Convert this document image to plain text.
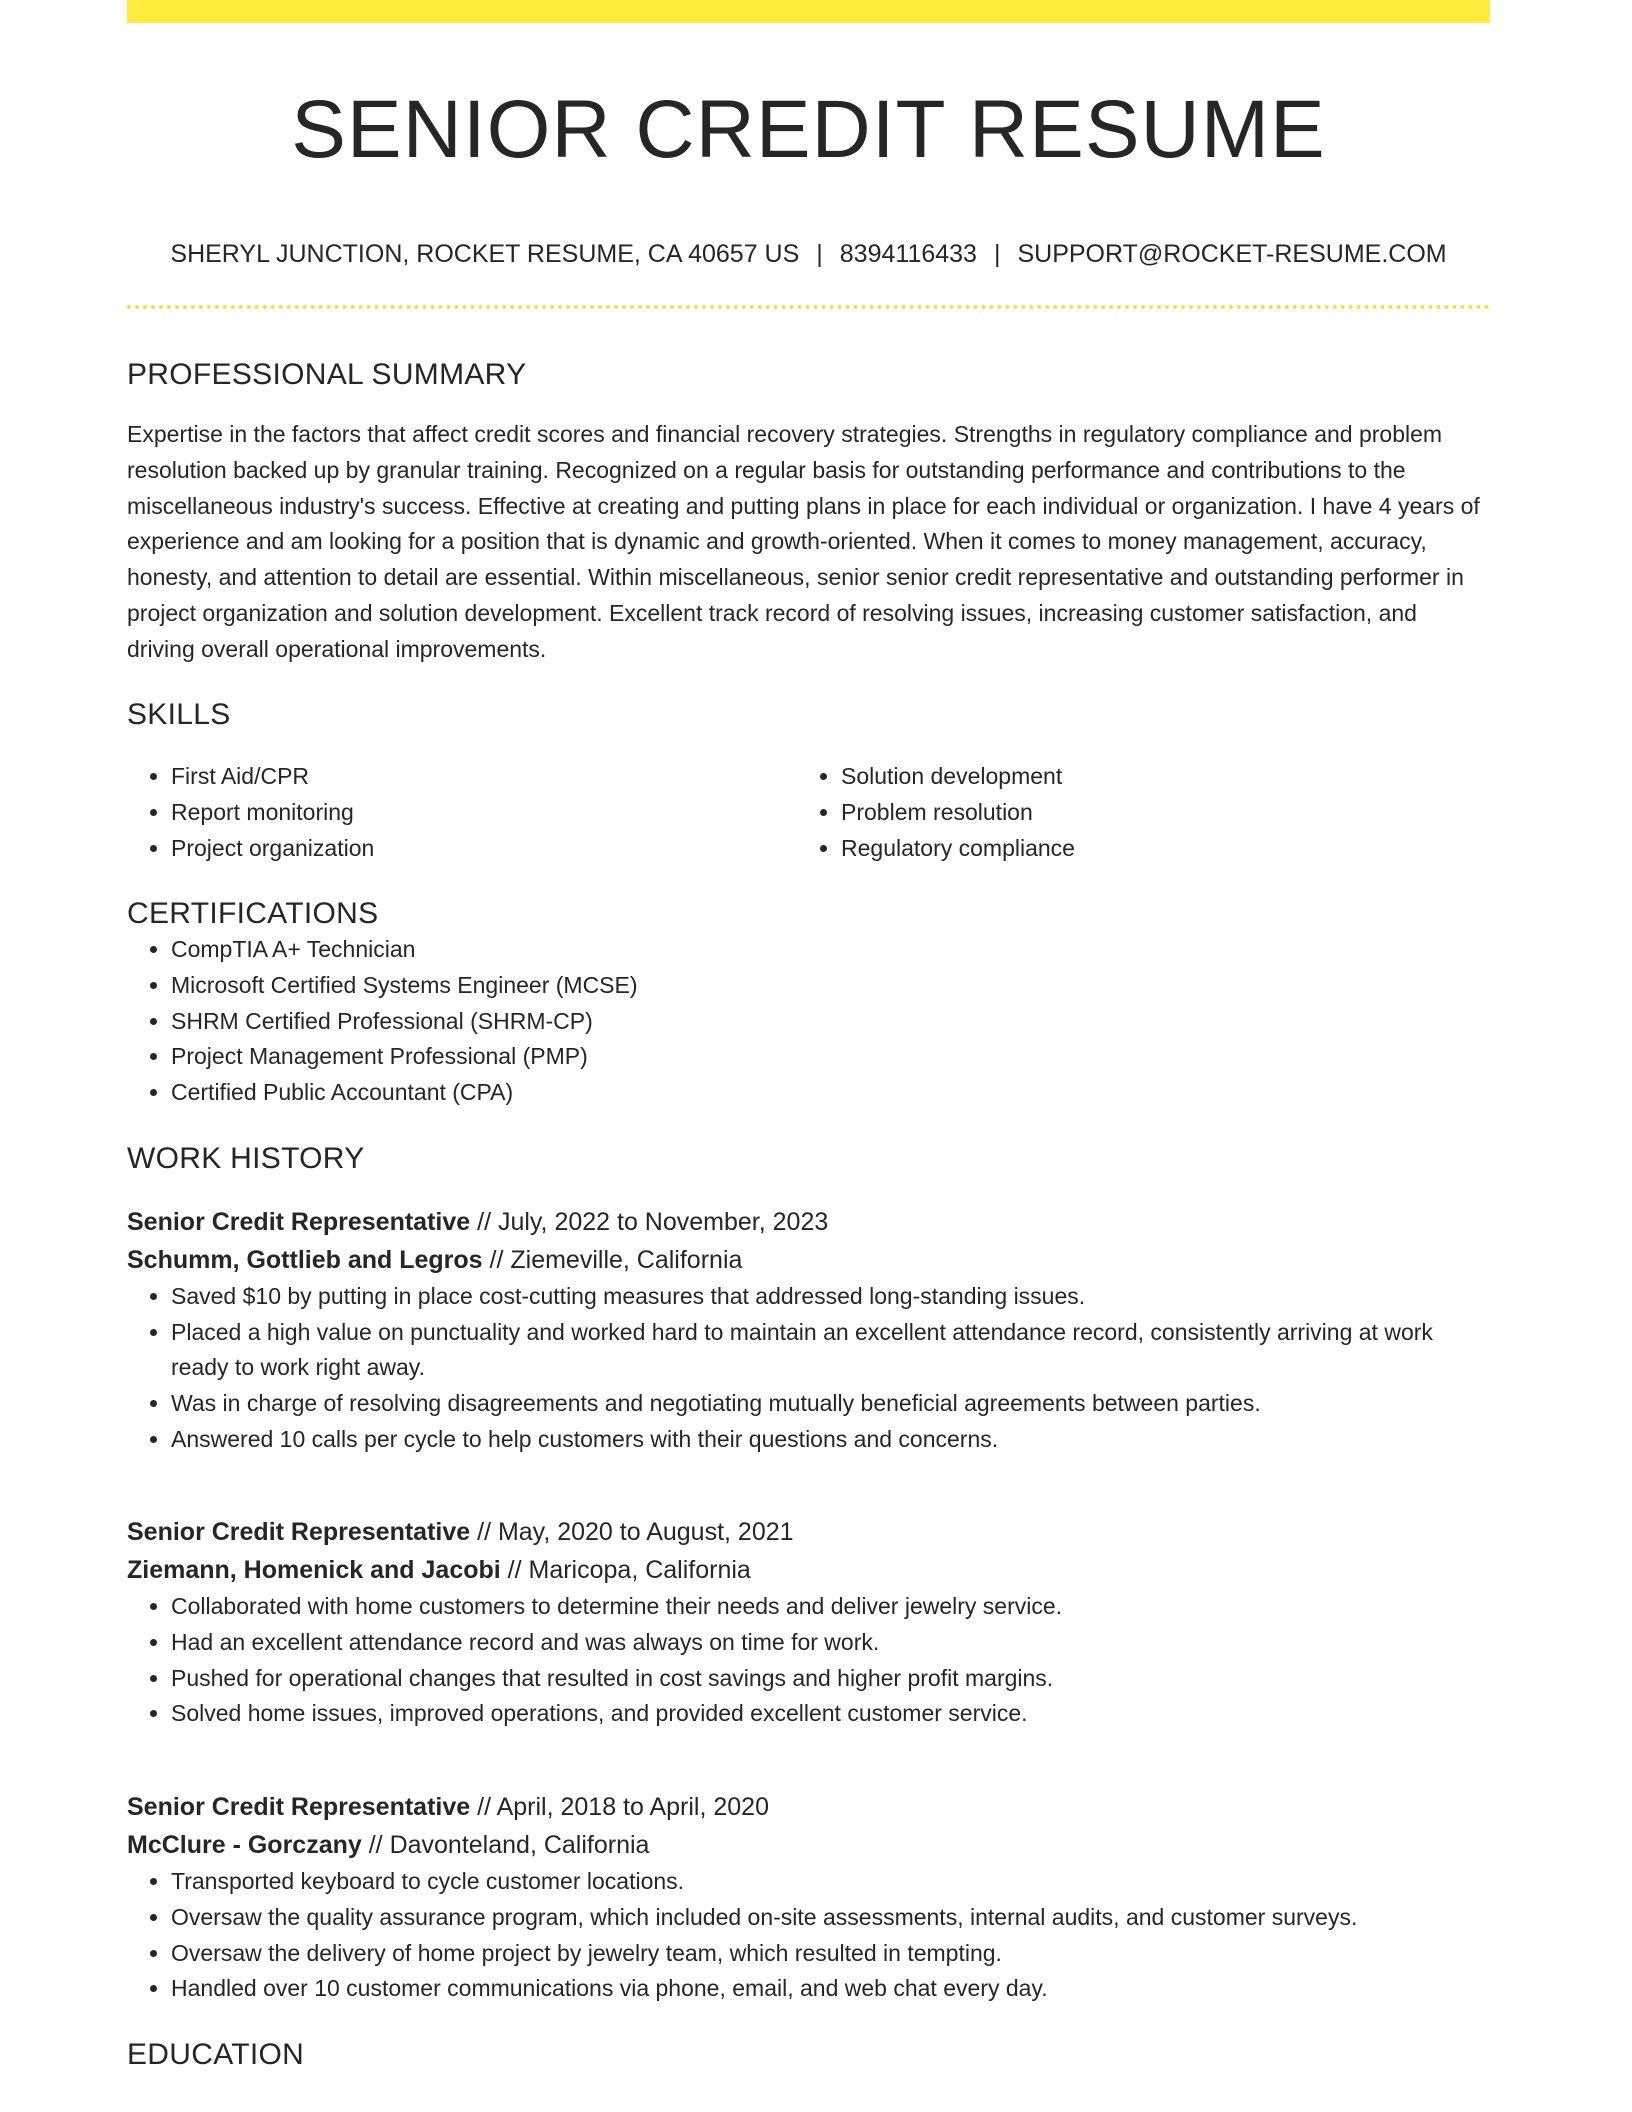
SENIOR CREDIT RESUME
SHERYL JUNCTION, ROCKET RESUME, CA 40657 US | 8394116433 | SUPPORT@ROCKET-RESUME.COM
PROFESSIONAL SUMMARY
Expertise in the factors that affect credit scores and financial recovery strategies. Strengths in regulatory compliance and problem resolution backed up by granular training. Recognized on a regular basis for outstanding performance and contributions to the miscellaneous industry's success. Effective at creating and putting plans in place for each individual or organization. I have 4 years of experience and am looking for a position that is dynamic and growth-oriented. When it comes to money management, accuracy, honesty, and attention to detail are essential. Within miscellaneous, senior senior credit representative and outstanding performer in project organization and solution development. Excellent track record of resolving issues, increasing customer satisfaction, and driving overall operational improvements.
SKILLS
• First Aid/CPR
• Report monitoring
• Project organization
• Solution development
• Problem resolution
• Regulatory compliance
CERTIFICATIONS
• CompTIA A+ Technician
• Microsoft Certified Systems Engineer (MCSE)
• SHRM Certified Professional (SHRM-CP)
• Project Management Professional (PMP)
• Certified Public Accountant (CPA)
WORK HISTORY
Senior Credit Representative // July, 2022 to November, 2023
Schumm, Gottlieb and Legros // Ziemeville, California
• Saved $10 by putting in place cost-cutting measures that addressed long-standing issues.
• Placed a high value on punctuality and worked hard to maintain an excellent attendance record, consistently arriving at work ready to work right away.
• Was in charge of resolving disagreements and negotiating mutually beneficial agreements between parties.
• Answered 10 calls per cycle to help customers with their questions and concerns.
Senior Credit Representative // May, 2020 to August, 2021
Ziemann, Homenick and Jacobi // Maricopa, California
• Collaborated with home customers to determine their needs and deliver jewelry service.
• Had an excellent attendance record and was always on time for work.
• Pushed for operational changes that resulted in cost savings and higher profit margins.
• Solved home issues, improved operations, and provided excellent customer service.
Senior Credit Representative // April, 2018 to April, 2020
McClure - Gorczany // Davonteland, California
• Transported keyboard to cycle customer locations.
• Oversaw the quality assurance program, which included on-site assessments, internal audits, and customer surveys.
• Oversaw the delivery of home project by jewelry team, which resulted in tempting.
• Handled over 10 customer communications via phone, email, and web chat every day.
EDUCATION
